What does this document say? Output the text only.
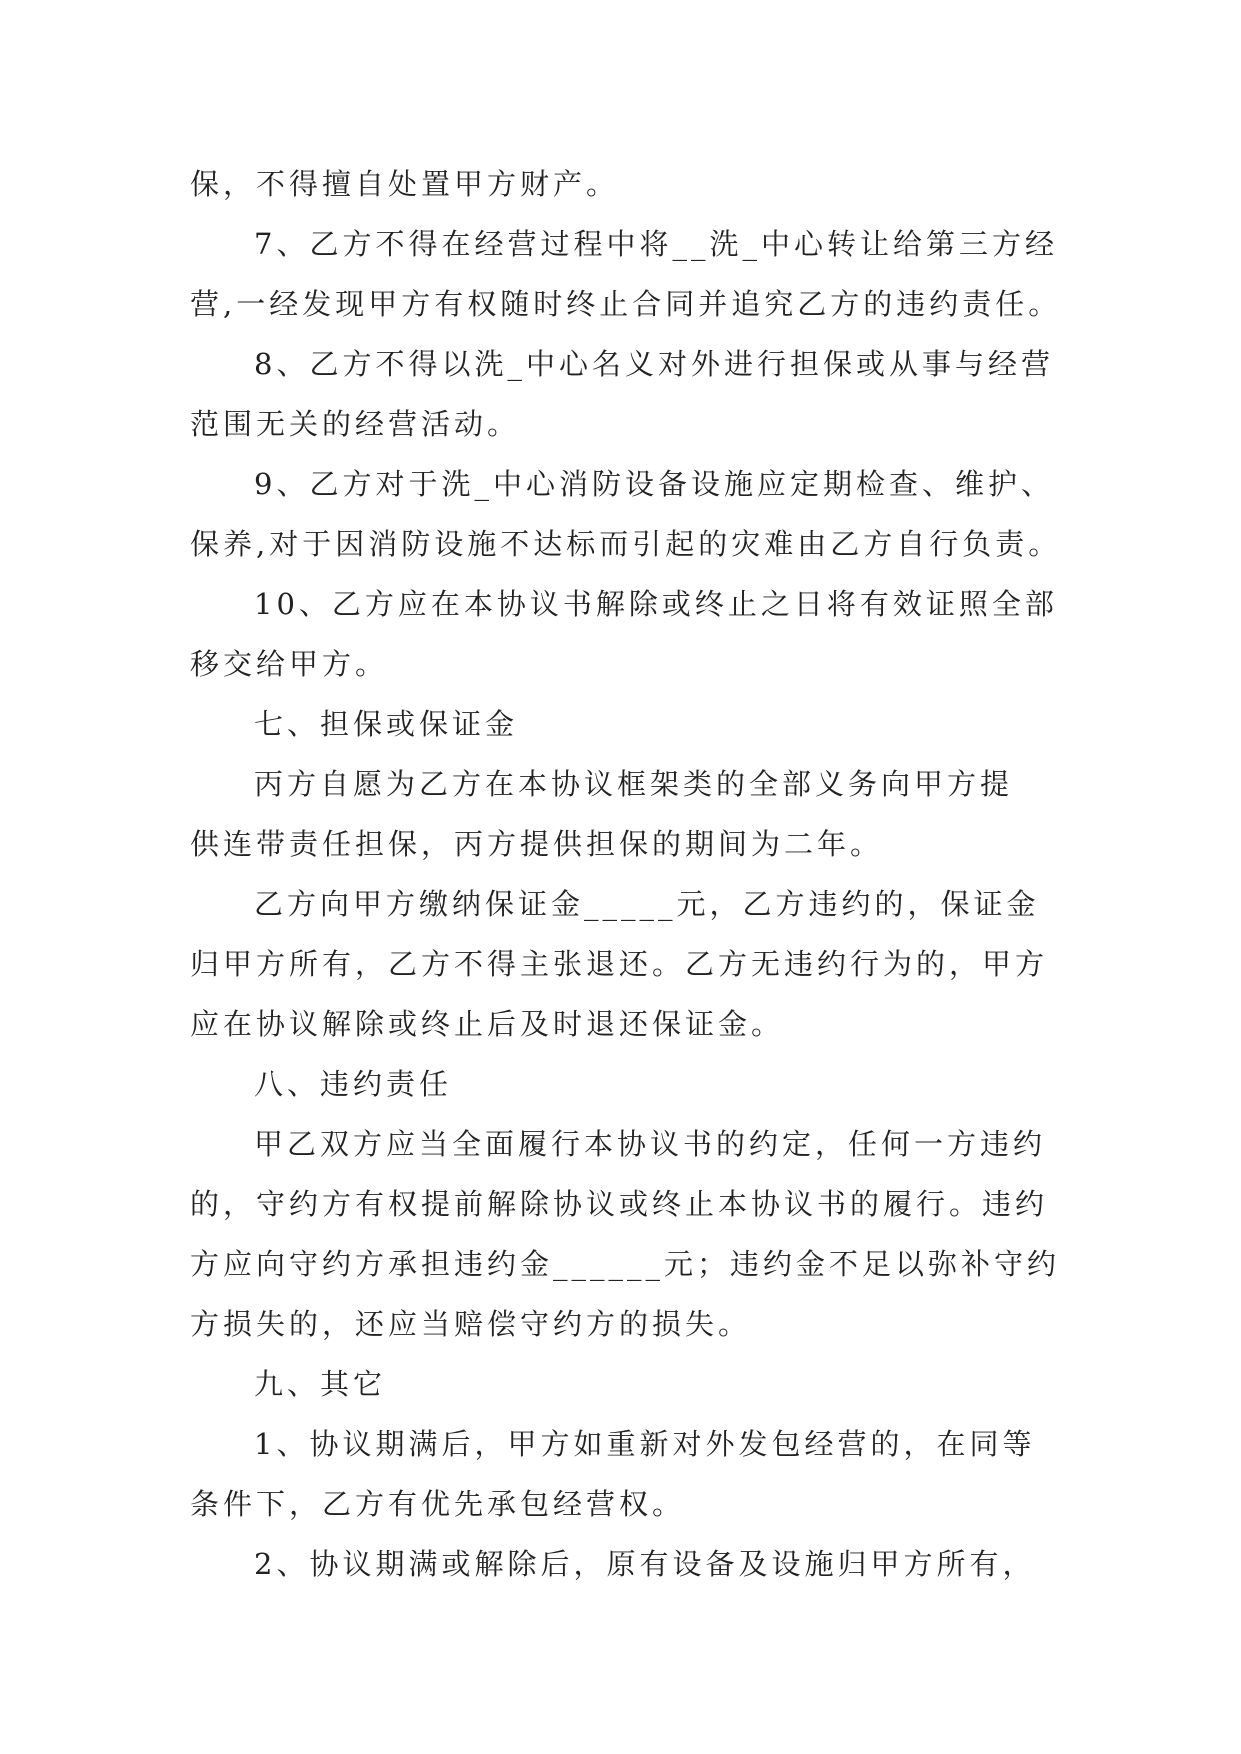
保，不得擅自处置甲方财产。
7、乙方不得在经营过程中将__洗_中心转让给第三方经
营,一经发现甲方有权随时终止合同并追究乙方的违约责任。
8、乙方不得以洗_中心名义对外进行担保或从事与经营
范围无关的经营活动。
9、乙方对于洗_中心消防设备设施应定期检查、维护、
保养,对于因消防设施不达标而引起的灾难由乙方自行负责。
10、乙方应在本协议书解除或终止之日将有效证照全部
移交给甲方。
七、担保或保证金
丙方自愿为乙方在本协议框架类的全部义务向甲方提
供连带责任担保，丙方提供担保的期间为二年。
乙方向甲方缴纳保证金_____元，乙方违约的，保证金
归甲方所有，乙方不得主张退还。乙方无违约行为的，甲方
应在协议解除或终止后及时退还保证金。
八、违约责任
甲乙双方应当全面履行本协议书的约定，任何一方违约
的，守约方有权提前解除协议或终止本协议书的履行。违约
方应向守约方承担违约金______元；违约金不足以弥补守约
方损失的，还应当赔偿守约方的损失。
九、其它
1、协议期满后，甲方如重新对外发包经营的，在同等
条件下，乙方有优先承包经营权。
2、协议期满或解除后，原有设备及设施归甲方所有，
